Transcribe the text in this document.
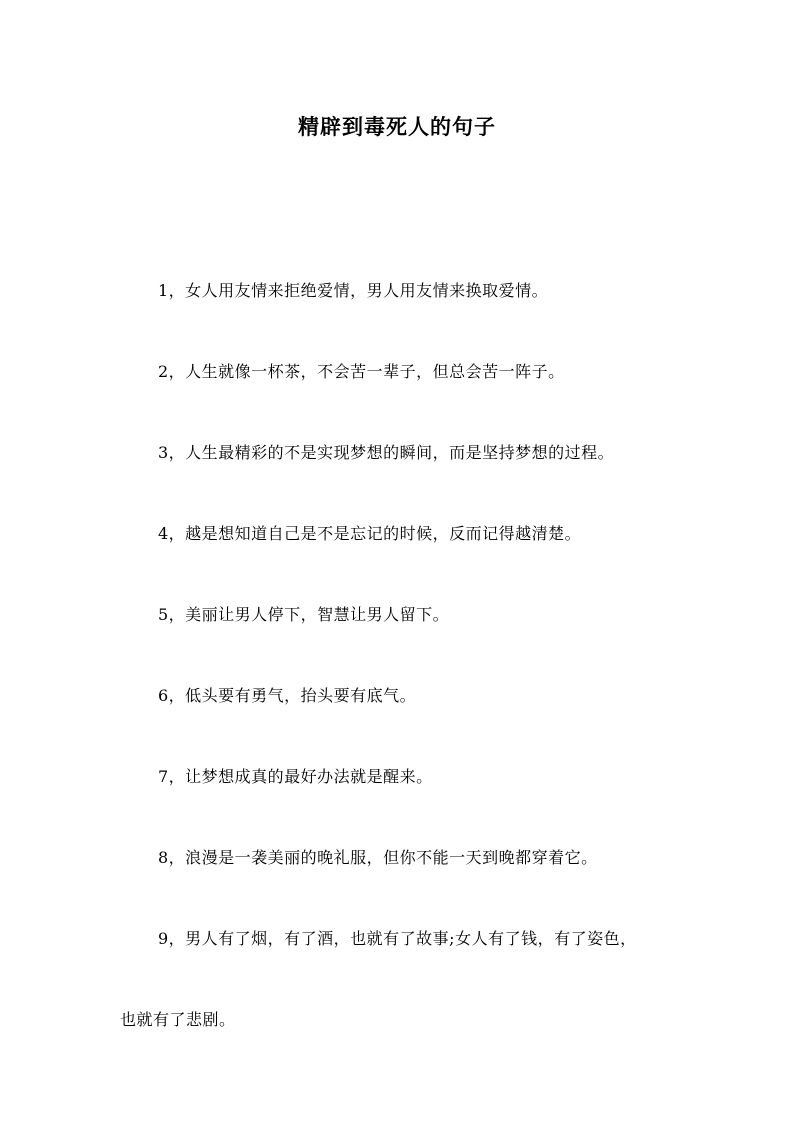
精辟到毒死人的句子
1，女人用友情来拒绝爱情，男人用友情来换取爱情。
2，人生就像一杯茶，不会苦一辈子，但总会苦一阵子。
3，人生最精彩的不是实现梦想的瞬间，而是坚持梦想的过程。
4，越是想知道自己是不是忘记的时候，反而记得越清楚。
5，美丽让男人停下，智慧让男人留下。
6，低头要有勇气，抬头要有底气。
7，让梦想成真的最好办法就是醒来。
8，浪漫是一袭美丽的晚礼服，但你不能一天到晚都穿着它。
9，男人有了烟，有了酒，也就有了故事;女人有了钱，有了姿色，
也就有了悲剧。
